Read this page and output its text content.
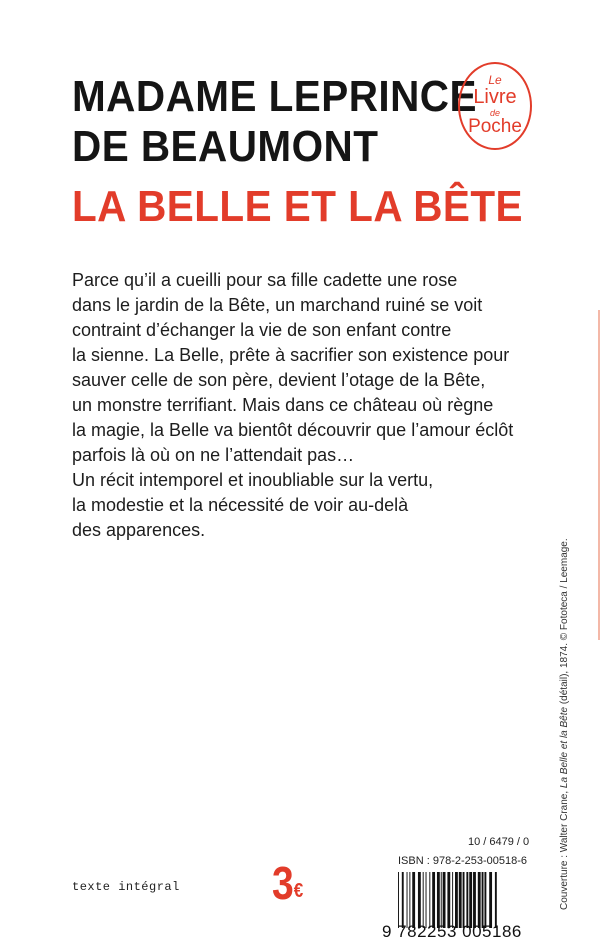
MADAME LEPRINCE
DE BEAUMONT
LA BELLE ET LA BÊTE
Le
Livre
de
Poche
Parce qu’il a cueilli pour sa fille cadette une rose
dans le jardin de la Bête, un marchand ruiné se voit
contraint d’échanger la vie de son enfant contre
la sienne. La Belle, prête à sacrifier son existence pour
sauver celle de son père, devient l’otage de la Bête,
un monstre terrifiant. Mais dans ce château où règne
la magie, la Belle va bientôt découvrir que l’amour éclôt
parfois là où on ne l’attendait pas…
Un récit intemporel et inoubliable sur la vertu,
la modestie et la nécessité de voir au-delà
des apparences.
Couverture : Walter Crane, La Belle et la Bête (détail), 1874. © Fototeca / Leemage.
10 / 6479 / 0
ISBN : 978-2-253-00518-6
texte intégral 3€
9 782253 005186
